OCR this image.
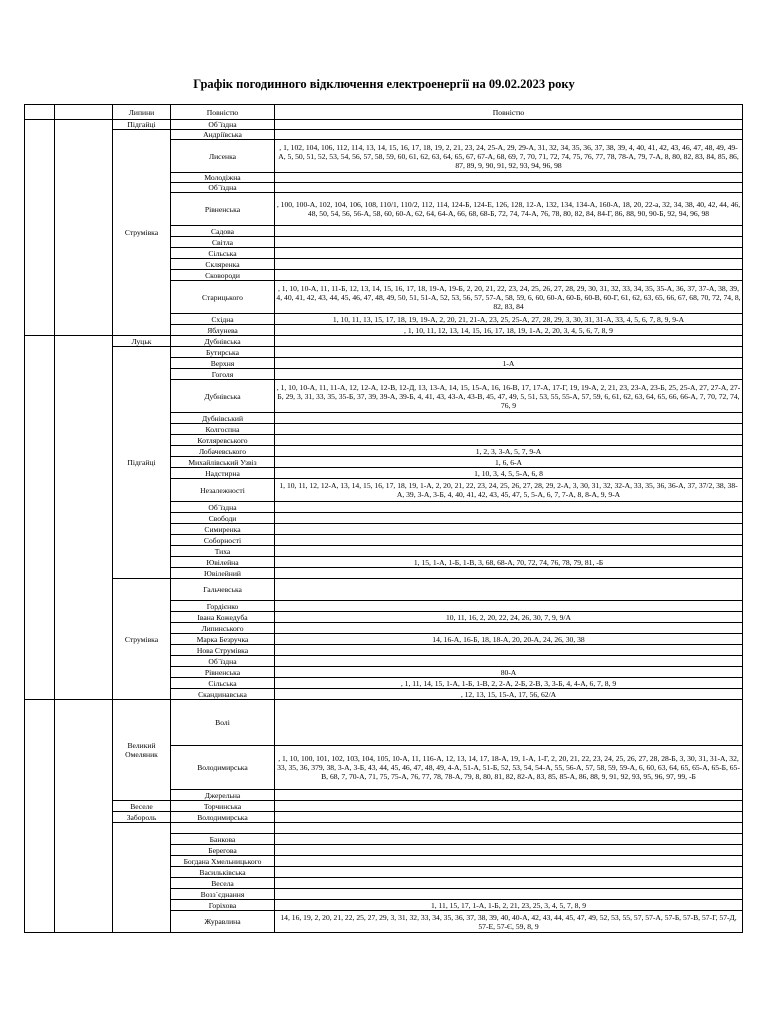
Графік погодинного відключення електроенергії на 09.02.2023 року
		Липини	Повністю	Повністю
		Підгайці	Об`їздна	
		Струмівка	Андріївська	
			Лисенка	, 1, 102, 104, 106, 112, 114, 13, 14, 15, 16, 17, 18, 19, 2, 21, 23, 24, 25-А, 29, 29-А, 31, 32, 34, 35, 36, 37, 38, 39, 4, 40, 41, 42, 43, 46, 47, 48, 49, 49-А, 5, 50, 51, 52, 53, 54, 56, 57, 58, 59, 60, 61, 62, 63, 64, 65, 67, 67-А, 68, 69, 7, 70, 71, 72, 74, 75, 76, 77, 78, 78-А, 79, 7-А, 8, 80, 82, 83, 84, 85, 86, 87, 89, 9, 90, 91, 92, 93, 94, 96, 98
			Молодіжна	
			Об`їздна	
			Рівненська	, 100, 100-А, 102, 104, 106, 108, 110/1, 110/2, 112, 114, 124-Б, 124-Е, 126, 128, 12-А, 132, 134, 134-А, 160-А, 18, 20, 22-а, 32, 34, 38, 40, 42, 44, 46, 48, 50, 54, 56, 56-А, 58, 60, 60-А, 62, 64, 64-А, 66, 68, 68-Б, 72, 74, 74-А, 76, 78, 80, 82, 84, 84-Г, 86, 88, 90, 90-Б, 92, 94, 96, 98
			Садова	
			Світла	
			Сільська	
			Скляренка	
			Сковороди	
			Старицького	, 1, 10, 10-А, 11, 11-Б, 12, 13, 14, 15, 16, 17, 18, 19-А, 19-Б, 2, 20, 21, 22, 23, 24, 25, 26, 27, 28, 29, 30, 31, 32, 33, 34, 35, 35-А, 36, 37, 37-А, 38, 39, 4, 40, 41, 42, 43, 44, 45, 46, 47, 48, 49, 50, 51, 51-А, 52, 53, 56, 57, 57-А, 58, 59, 6, 60, 60-А, 60-Б, 60-В, 60-Г, 61, 62, 63, 65, 66, 67, 68, 70, 72, 74, 8, 82, 83, 84
			Східна	1, 10, 11, 13, 15, 17, 18, 19, 19-А, 2, 20, 21, 21-А, 23, 25, 25-А, 27, 28, 29, 3, 30, 31, 31-А, 33, 4, 5, 6, 7, 8, 9, 9-А
			Яблунева	, 1, 10, 11, 12, 13, 14, 15, 16, 17, 18, 19, 1-А, 2, 20, 3, 4, 5, 6, 7, 8, 9
		Луцьк	Дубнівська	
		Підгайці	Бутирська	
			Верхня	1-А
			Гоголя	
			Дубнівська	, 1, 10, 10-А, 11, 11-А, 12, 12-А, 12-В, 12-Д, 13, 13-А, 14, 15, 15-А, 16, 16-В, 17, 17-А, 17-Г, 19, 19-А, 2, 21, 23, 23-А, 23-Б, 25, 25-А, 27, 27-А, 27-Б, 29, 3, 31, 33, 35, 35-Б, 37, 39, 39-А, 39-Б, 4, 41, 43, 43-А, 43-В, 45, 47, 49, 5, 51, 53, 55, 55-А, 57, 59, 6, 61, 62, 63, 64, 65, 66, 66-А, 7, 70, 72, 74, 76, 9
			Дубнівський	
			Колгоспна	
			Котляревського	
			Лобачевського	1, 2, 3, 3-А, 5, 7, 9-А
			Михайлівський Узвіз	1, 6, 6-А
			Надстирна	1, 10, 3, 4, 5, 5-А, 6, 8
			Незалежності	1, 10, 11, 12, 12-А, 13, 14, 15, 16, 17, 18, 19, 1-А, 2, 20, 21, 22, 23, 24, 25, 26, 27, 28, 29, 2-А, 3, 30, 31, 32, 32-А, 33, 35, 36, 36-А, 37, 37/2, 38, 38-А, 39, 3-А, 3-Б, 4, 40, 41, 42, 43, 45, 47, 5, 5-А, 6, 7, 7-А, 8, 8-А, 9, 9-А
			Об`їздна	
			Свободи	
			Симиренка	
			Соборності	
			Тиха	
			Ювілейна	1, 15, 1-А, 1-Б, 1-В, 3, 68, 68-А, 70, 72, 74, 76, 78, 79, 81, -Б
			Ювілейний	
		Струмівка	Гальчевська	
			Гордієнко	
			Івана Кожедуба	10, 11, 16, 2, 20, 22, 24, 26, 30, 7, 9, 9/А
			Липинського	
			Марка Безручка	14, 16-А, 16-Б, 18, 18-А, 20, 20-А, 24, 26, 30, 38
			Нова Струмівка	
			Об`їздна	
			Рівненська	80-А
			Сільська	, 1, 11, 14, 15, 1-А, 1-Б, 1-В, 2, 2-А, 2-Б, 2-В, 3, 3-Б, 4, 4-А, 6, 7, 8, 9
			Скандинавська	, 12, 13, 15, 15-А, 17, 56, 62/А
		Великий Омеляник	Волі	
			Володимирська	, 1, 10, 100, 101, 102, 103, 104, 105, 10-А, 11, 116-А, 12, 13, 14, 17, 18-А, 19, 1-А, 1-Г, 2, 20, 21, 22, 23, 24, 25, 26, 27, 28, 28-Б, 3, 30, 31, 31-А, 32, 33, 35, 36, 379, 38, 3-А, 3-Б, 43, 44, 45, 46, 47, 48, 49, 4-А, 51-А, 51-Б, 52, 53, 54, 54-А, 55, 56-А, 57, 58, 59, 59-А, 6, 60, 63, 64, 65, 65-А, 65-Б, 65-В, 68, 7, 70-А, 71, 75, 75-А, 76, 77, 78, 78-А, 79, 8, 80, 81, 82, 82-А, 83, 85, 85-А, 86, 88, 9, 91, 92, 93, 95, 96, 97, 99, -Б
			Джерельна	
		Веселе	Торчинська	
		Забороль	Володимирська	

			Банкова	
			Берегова	
			Богдана Хмельницького	
			Васильківська	
			Весела	
			Возз`єднання	
			Горіхова	1, 11, 15, 17, 1-А, 1-Б, 2, 21, 23, 25, 3, 4, 5, 7, 8, 9
			Журавлина	14, 16, 19, 2, 20, 21, 22, 25, 27, 29, 3, 31, 32, 33, 34, 35, 36, 37, 38, 39, 40, 40-А, 42, 43, 44, 45, 47, 49, 52, 53, 55, 57, 57-А, 57-Б, 57-В, 57-Г, 57-Д, 57-Е, 57-Є, 59, 8, 9
